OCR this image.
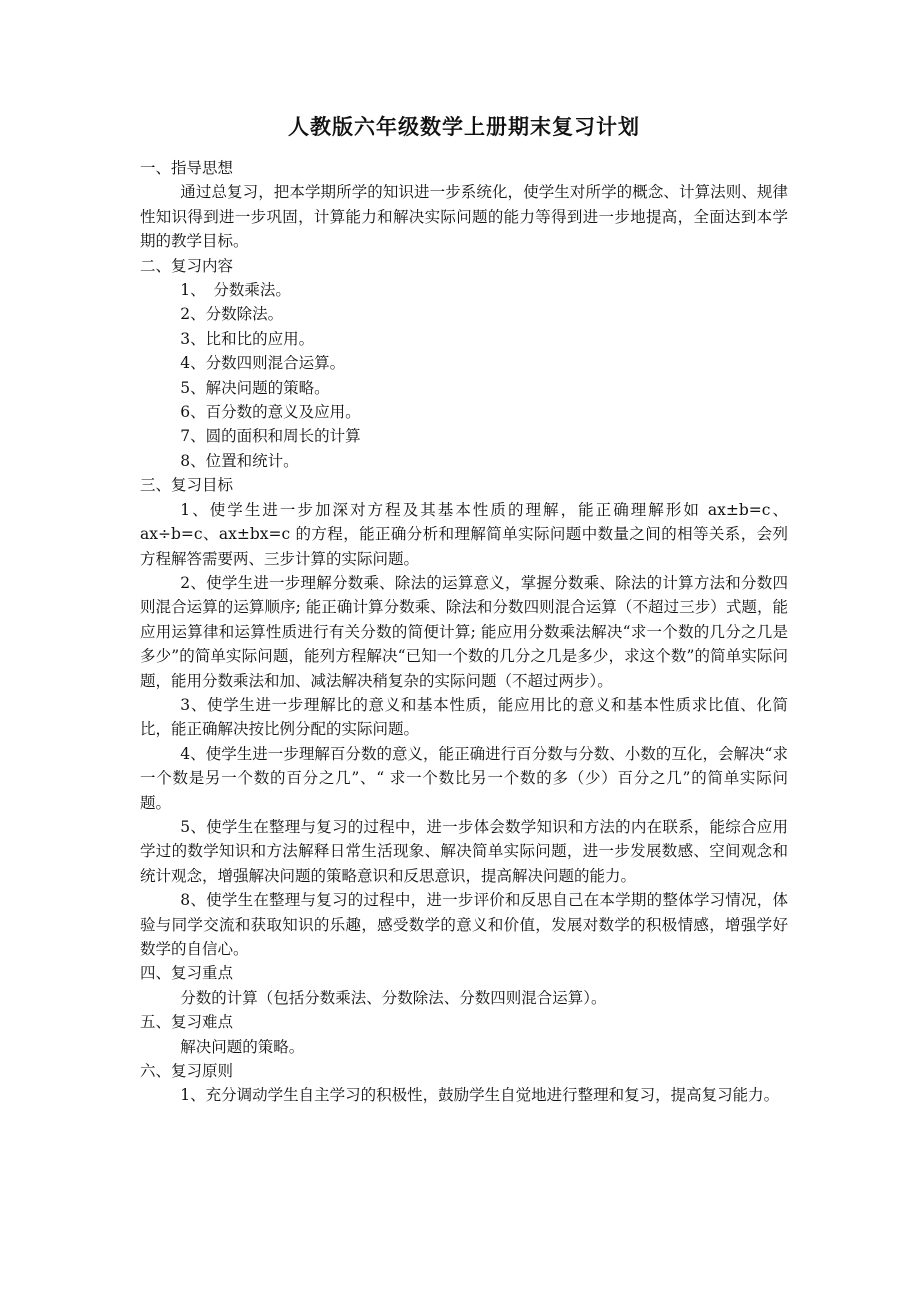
人教版六年级数学上册期末复习计划

一、指导思想

通过总复习，把本学期所学的知识进一步系统化，使学生对所学的概念、计算法则、规律性知识得到进一步巩固，计算能力和解决实际问题的能力等得到进一步地提高，全面达到本学期的教学目标。

二、复习内容

1、　分数乘法。

2、分数除法。

3、比和比的应用。

4、分数四则混合运算。

5、解决问题的策略。

6、百分数的意义及应用。

7、圆的面积和周长的计算

8、位置和统计。

三、复习目标

1、使学生进一步加深对方程及其基本性质的理解，能正确理解形如 ax±b=c、ax÷b=c、ax±bx=c 的方程，能正确分析和理解简单实际问题中数量之间的相等关系，会列方程解答需要两、三步计算的实际问题。

2、使学生进一步理解分数乘、除法的运算意义，掌握分数乘、除法的计算方法和分数四则混合运算的运算顺序; 能正确计算分数乘、除法和分数四则混合运算（不超过三步）式题，能应用运算律和运算性质进行有关分数的简便计算; 能应用分数乘法解决“求一个数的几分之几是多少”的简单实际问题，能列方程解决“已知一个数的几分之几是多少，求这个数”的简单实际问题，能用分数乘法和加、减法解决稍复杂的实际问题（不超过两步）。

3、使学生进一步理解比的意义和基本性质，能应用比的意义和基本性质求比值、化简比，能正确解决按比例分配的实际问题。

4、使学生进一步理解百分数的意义，能正确进行百分数与分数、小数的互化，会解决“求一个数是另一个数的百分之几”、“ 求一个数比另一个数的多（少）百分之几”的简单实际问题。

5、使学生在整理与复习的过程中，进一步体会数学知识和方法的内在联系，能综合应用学过的数学知识和方法解释日常生活现象、解决简单实际问题，进一步发展数感、空间观念和统计观念，增强解决问题的策略意识和反思意识，提高解决问题的能力。

8、使学生在整理与复习的过程中，进一步评价和反思自己在本学期的整体学习情况，体验与同学交流和获取知识的乐趣，感受数学的意义和价值，发展对数学的积极情感，增强学好数学的自信心。

四、复习重点

分数的计算（包括分数乘法、分数除法、分数四则混合运算）。

五、复习难点

解决问题的策略。

六、复习原则

1、充分调动学生自主学习的积极性，鼓励学生自觉地进行整理和复习，提高复习能力。
